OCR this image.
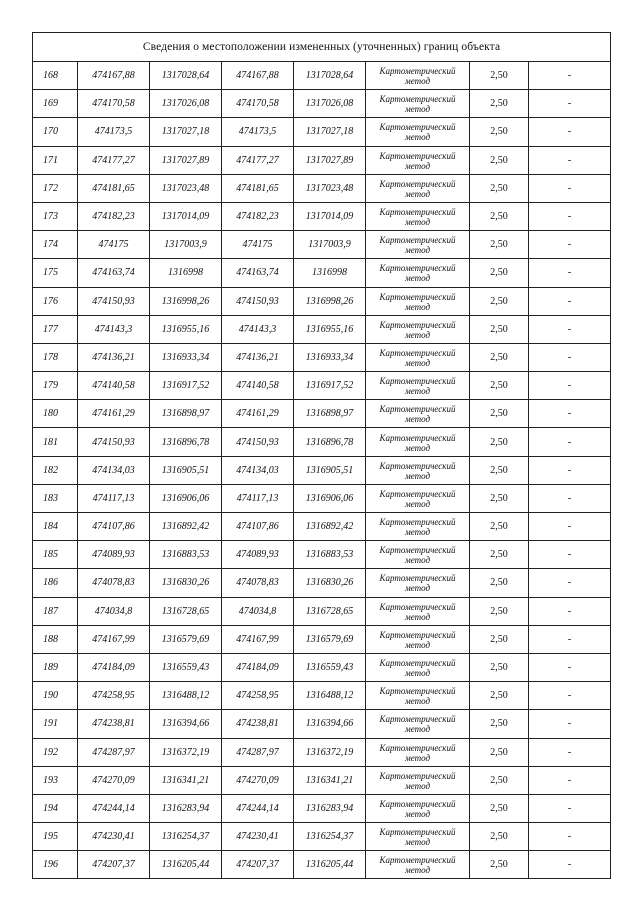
Сведения о местоположении измененных (уточненных) границ объекта							
168	474167,88	1317028,64	474167,88	1317028,64	Картометрический метод	2,50	-
169	474170,58	1317026,08	474170,58	1317026,08	Картометрический метод	2,50	-
170	474173,5	1317027,18	474173,5	1317027,18	Картометрический метод	2,50	-
171	474177,27	1317027,89	474177,27	1317027,89	Картометрический метод	2,50	-
172	474181,65	1317023,48	474181,65	1317023,48	Картометрический метод	2,50	-
173	474182,23	1317014,09	474182,23	1317014,09	Картометрический метод	2,50	-
174	474175	1317003,9	474175	1317003,9	Картометрический метод	2,50	-
175	474163,74	1316998	474163,74	1316998	Картометрический метод	2,50	-
176	474150,93	1316998,26	474150,93	1316998,26	Картометрический метод	2,50	-
177	474143,3	1316955,16	474143,3	1316955,16	Картометрический метод	2,50	-
178	474136,21	1316933,34	474136,21	1316933,34	Картометрический метод	2,50	-
179	474140,58	1316917,52	474140,58	1316917,52	Картометрический метод	2,50	-
180	474161,29	1316898,97	474161,29	1316898,97	Картометрический метод	2,50	-
181	474150,93	1316896,78	474150,93	1316896,78	Картометрический метод	2,50	-
182	474134,03	1316905,51	474134,03	1316905,51	Картометрический метод	2,50	-
183	474117,13	1316906,06	474117,13	1316906,06	Картометрический метод	2,50	-
184	474107,86	1316892,42	474107,86	1316892,42	Картометрический метод	2,50	-
185	474089,93	1316883,53	474089,93	1316883,53	Картометрический метод	2,50	-
186	474078,83	1316830,26	474078,83	1316830,26	Картометрический метод	2,50	-
187	474034,8	1316728,65	474034,8	1316728,65	Картометрический метод	2,50	-
188	474167,99	1316579,69	474167,99	1316579,69	Картометрический метод	2,50	-
189	474184,09	1316559,43	474184,09	1316559,43	Картометрический метод	2,50	-
190	474258,95	1316488,12	474258,95	1316488,12	Картометрический метод	2,50	-
191	474238,81	1316394,66	474238,81	1316394,66	Картометрический метод	2,50	-
192	474287,97	1316372,19	474287,97	1316372,19	Картометрический метод	2,50	-
193	474270,09	1316341,21	474270,09	1316341,21	Картометрический метод	2,50	-
194	474244,14	1316283,94	474244,14	1316283,94	Картометрический метод	2,50	-
195	474230,41	1316254,37	474230,41	1316254,37	Картометрический метод	2,50	-
196	474207,37	1316205,44	474207,37	1316205,44	Картометрический метод	2,50	-
